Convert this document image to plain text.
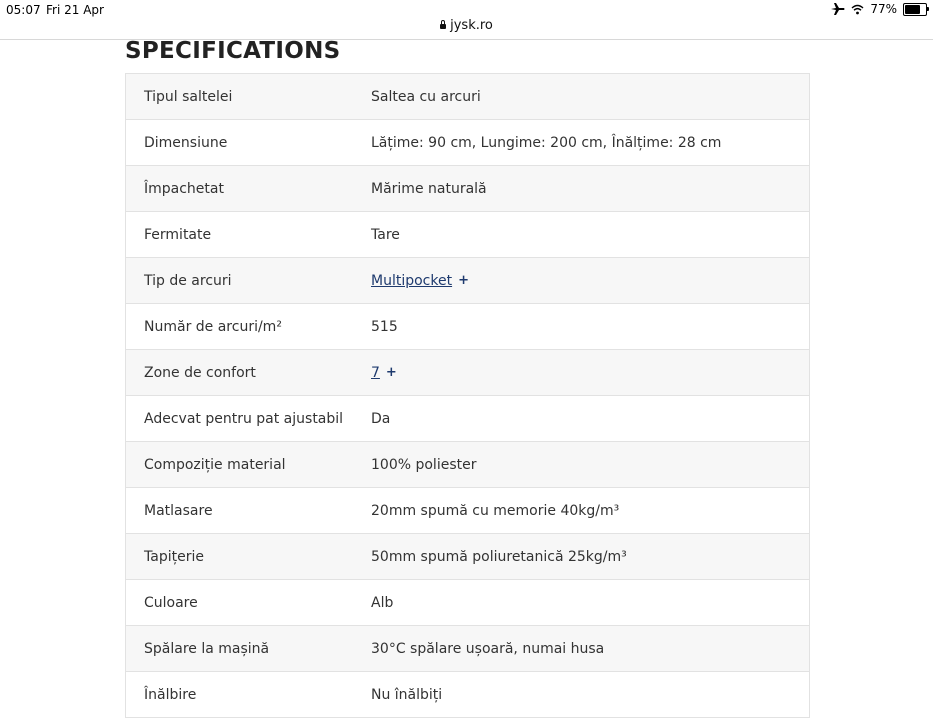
05:07 Fri 21 Apr	77%
jysk.ro
SPECIFICATIONS
Tipul saltelei	Saltea cu arcuri
Dimensiune	Lățime: 90 cm, Lungime: 200 cm, Înălțime: 28 cm
Împachetat	Mărime naturală
Fermitate	Tare
Tip de arcuri	Multipocket +
Număr de arcuri/m²	515
Zone de confort	7 +
Adecvat pentru pat ajustabil	Da
Compoziție material	100% poliester
Matlasare	20mm spumă cu memorie 40kg/m³
Tapițerie	50mm spumă poliuretanică 25kg/m³
Culoare	Alb
Spălare la mașină	30°C spălare ușoară, numai husa
Înălbire	Nu înălbiți
